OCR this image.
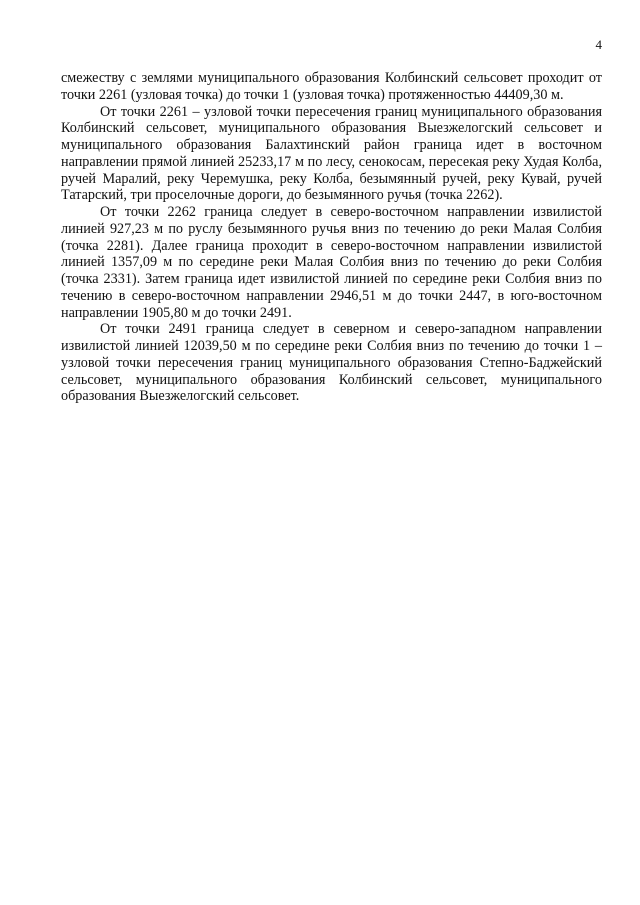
4

смежеству с землями муниципального образования Колбинский сельсовет проходит от точки 2261 (узловая точка) до точки 1 (узловая точка) протяженностью 44409,30 м.

От точки 2261 – узловой точки пересечения границ муниципального образования Колбинский сельсовет, муниципального образования Выезжелогский сельсовет и муниципального образования Балахтинский район граница идет в восточном направлении прямой линией 25233,17 м по лесу, сенокосам, пересекая реку Худая Колба, ручей Маралий, реку Черемушка, реку Колба, безымянный ручей, реку Кувай, ручей Татарский, три проселочные дороги, до безымянного ручья (точка 2262).

От точки 2262 граница следует в северо-восточном направлении извилистой линией 927,23 м по руслу безымянного ручья вниз по течению до реки Малая Солбия (точка 2281). Далее граница проходит в северо-восточном направлении извилистой линией 1357,09 м по середине реки Малая Солбия вниз по течению до реки Солбия (точка 2331). Затем граница идет извилистой линией по середине реки Солбия вниз по течению в северо-восточном направлении 2946,51 м до точки 2447, в юго-восточном направлении 1905,80 м до точки 2491.

От точки 2491 граница следует в северном и северо-западном направлении извилистой линией 12039,50 м по середине реки Солбия вниз по течению до точки 1 – узловой точки пересечения границ муниципального образования Степно-Баджейский сельсовет, муниципального образования Колбинский сельсовет, муниципального образования Выезжелогский сельсовет.
